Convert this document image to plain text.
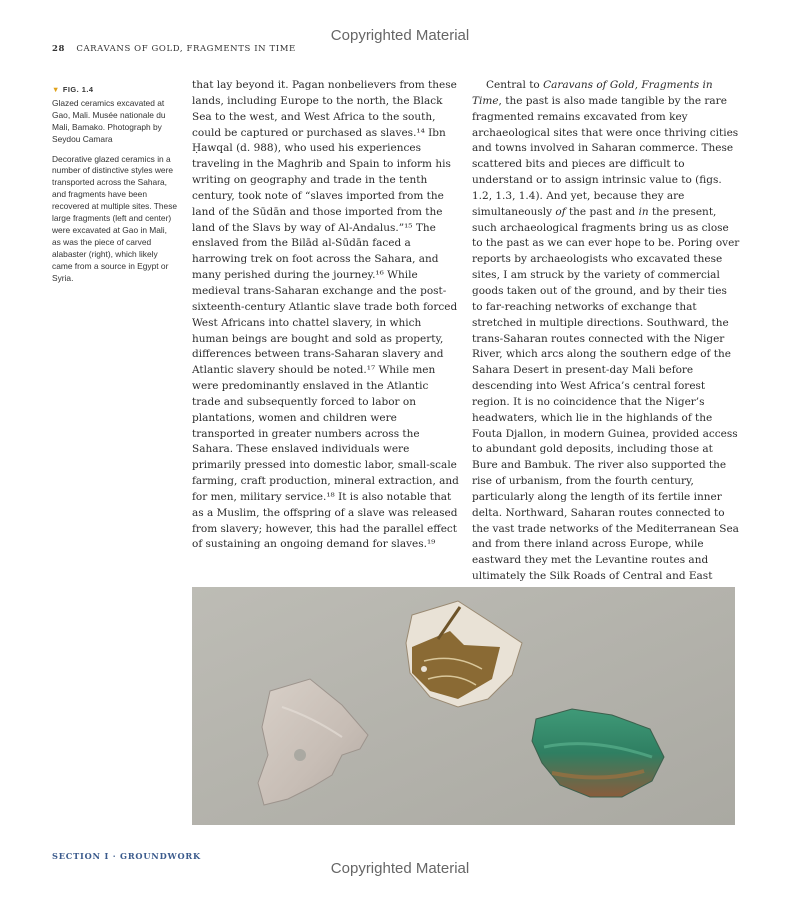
Copyrighted Material
28 CARAVANS OF GOLD, FRAGMENTS IN TIME
▼ FIG. 1.4

Glazed ceramics excavated at Gao, Mali. Musée nationale du Mali, Bamako. Photograph by Seydou Camara

Decorative glazed ceramics in a number of distinctive styles were transported across the Sahara, and fragments have been recovered at multiple sites. These large fragments (left and center) were excavated at Gao in Mali, as was the piece of carved alabaster (right), which likely came from a source in Egypt or Syria.

that lay beyond it. Pagan nonbelievers from these lands, including Europe to the north, the Black Sea to the west, and West Africa to the south, could be captured or purchased as slaves.¹⁴ Ibn Ḥawqal (d. 988), who used his experiences traveling in the Maghrib and Spain to inform his writing on geography and trade in the tenth century, took note of “slaves imported from the land of the Sūdān and those imported from the land of the Slavs by way of Al-Andalus.”¹⁵ The enslaved from the Bilād al-Sūdān faced a harrowing trek on foot across the Sahara, and many perished during the journey.¹⁶ While medieval trans-Saharan exchange and the post-sixteenth-century Atlantic slave trade both forced West Africans into chattel slavery, in which human beings are bought and sold as property, differences between trans-Saharan slavery and Atlantic slavery should be noted.¹⁷ While men were predominantly enslaved in the Atlantic trade and subsequently forced to labor on plantations, women and children were transported in greater numbers across the Sahara. These enslaved individuals were primarily pressed into domestic labor, small-scale farming, craft production, mineral extraction, and for men, military service.¹⁸ It is also notable that as a Muslim, the offspring of a slave was released from slavery; however, this had the parallel effect of sustaining an ongoing demand for slaves.¹⁹

Central to Caravans of Gold, Fragments in Time, the past is also made tangible by the rare fragmented remains excavated from key archaeological sites that were once thriving cities and towns involved in Saharan commerce. These scattered bits and pieces are difficult to understand or to assign intrinsic value to (figs. 1.2, 1.3, 1.4). And yet, because they are simultaneously of the past and in the present, such archaeological fragments bring us as close to the past as we can ever hope to be. Poring over reports by archaeologists who excavated these sites, I am struck by the variety of commercial goods taken out of the ground, and by their ties to far-reaching networks of exchange that stretched in multiple directions. Southward, the trans-Saharan routes connected with the Niger River, which arcs along the southern edge of the Sahara Desert in present-day Mali before descending into West Africa’s central forest region. It is no coincidence that the Niger’s headwaters, which lie in the highlands of the Fouta Djallon, in modern Guinea, provided access to abundant gold deposits, including those at Bure and Bambuk. The river also supported the rise of urbanism, from the fourth century, particularly along the length of its fertile inner delta. Northward, Saharan routes connected to the vast trade networks of the Mediterranean Sea and from there inland across Europe, while eastward they met the Levantine routes and ultimately the Silk Roads of Central and East

SECTION I · GROUNDWORK
Copyrighted Material
